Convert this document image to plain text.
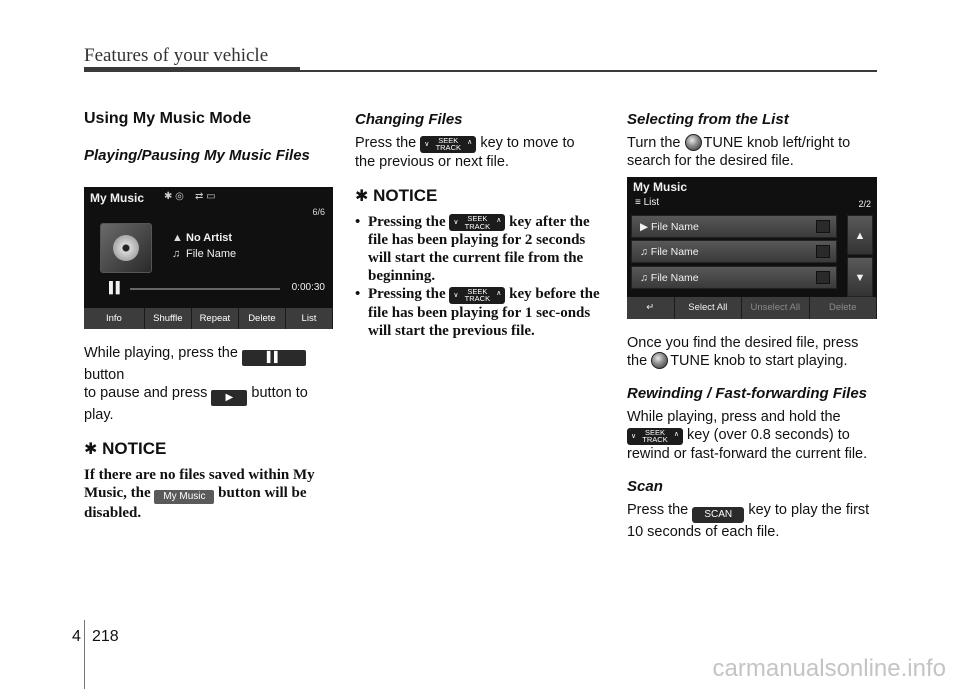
Features of your vehicle
Using My Music Mode
Playing/Pausing My Music Files
My Music ✱ ◎    ⇄ ▭
6/6
▲ No Artist
♫ File Name
▌▌	0:00:30
Info	Shuffle	Repeat	Delete	List

While playing, press the	▌▌ button
to pause and press ▶ button to
play.

✱ NOTICE

If there are no files saved within My
Music, the My Music button will be
disabled.

Changing Files

Press the ∨	SEEK
TRACK
∧ key to move to
the previous or next file.

✱ NOTICE
• Pressing the ∨	SEEK
TRACK
∧ key after the file has been playing for 2 seconds will start the current file from the beginning.
• Pressing the ∨	SEEK
TRACK
∧ key before the file has been playing for 1 sec-onds will start the previous file.
Selecting from the List

Turn the TUNE knob left/right to
search for the desired file.

My Music
≡ List	2/2
▶ File Name
♫ File Name
♫ File Name
▲
▼
↵	Select All	Unselect All	Delete

Once you find the desired file, press
the TUNE knob to start playing.

Rewinding / Fast-forwarding Files

While playing, press and hold the

∨	SEEK
TRACK
∧ key (over 0.8 seconds) to
rewind or fast-forward the current file.

Scan

Press the SCAN key to play the first
10 seconds of each file.

4 218
carmanualsonline.info
